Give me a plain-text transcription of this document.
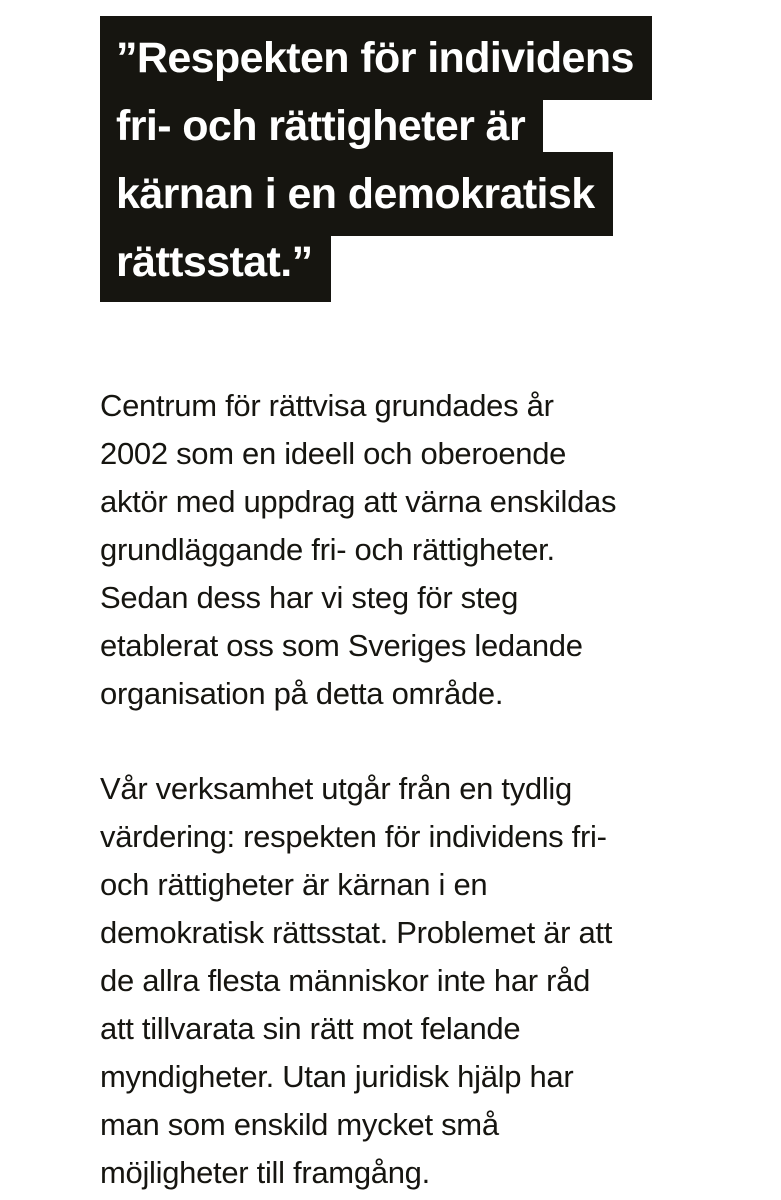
”Respekten för individens
fri- och rättigheter är
kärnan i en demokratisk
rättsstat.”

Centrum för rättvisa grundades år
2002 som en ideell och oberoende
aktör med uppdrag att värna enskildas
grundläggande fri- och rättigheter.
Sedan dess har vi steg för steg
etablerat oss som Sveriges ledande
organisation på detta område.

Vår verksamhet utgår från en tydlig
värdering: respekten för individens fri-
och rättigheter är kärnan i en
demokratisk rättsstat. Problemet är att
de allra flesta människor inte har råd
att tillvarata sin rätt mot felande
myndigheter. Utan juridisk hjälp har
man som enskild mycket små
möjligheter till framgång.
